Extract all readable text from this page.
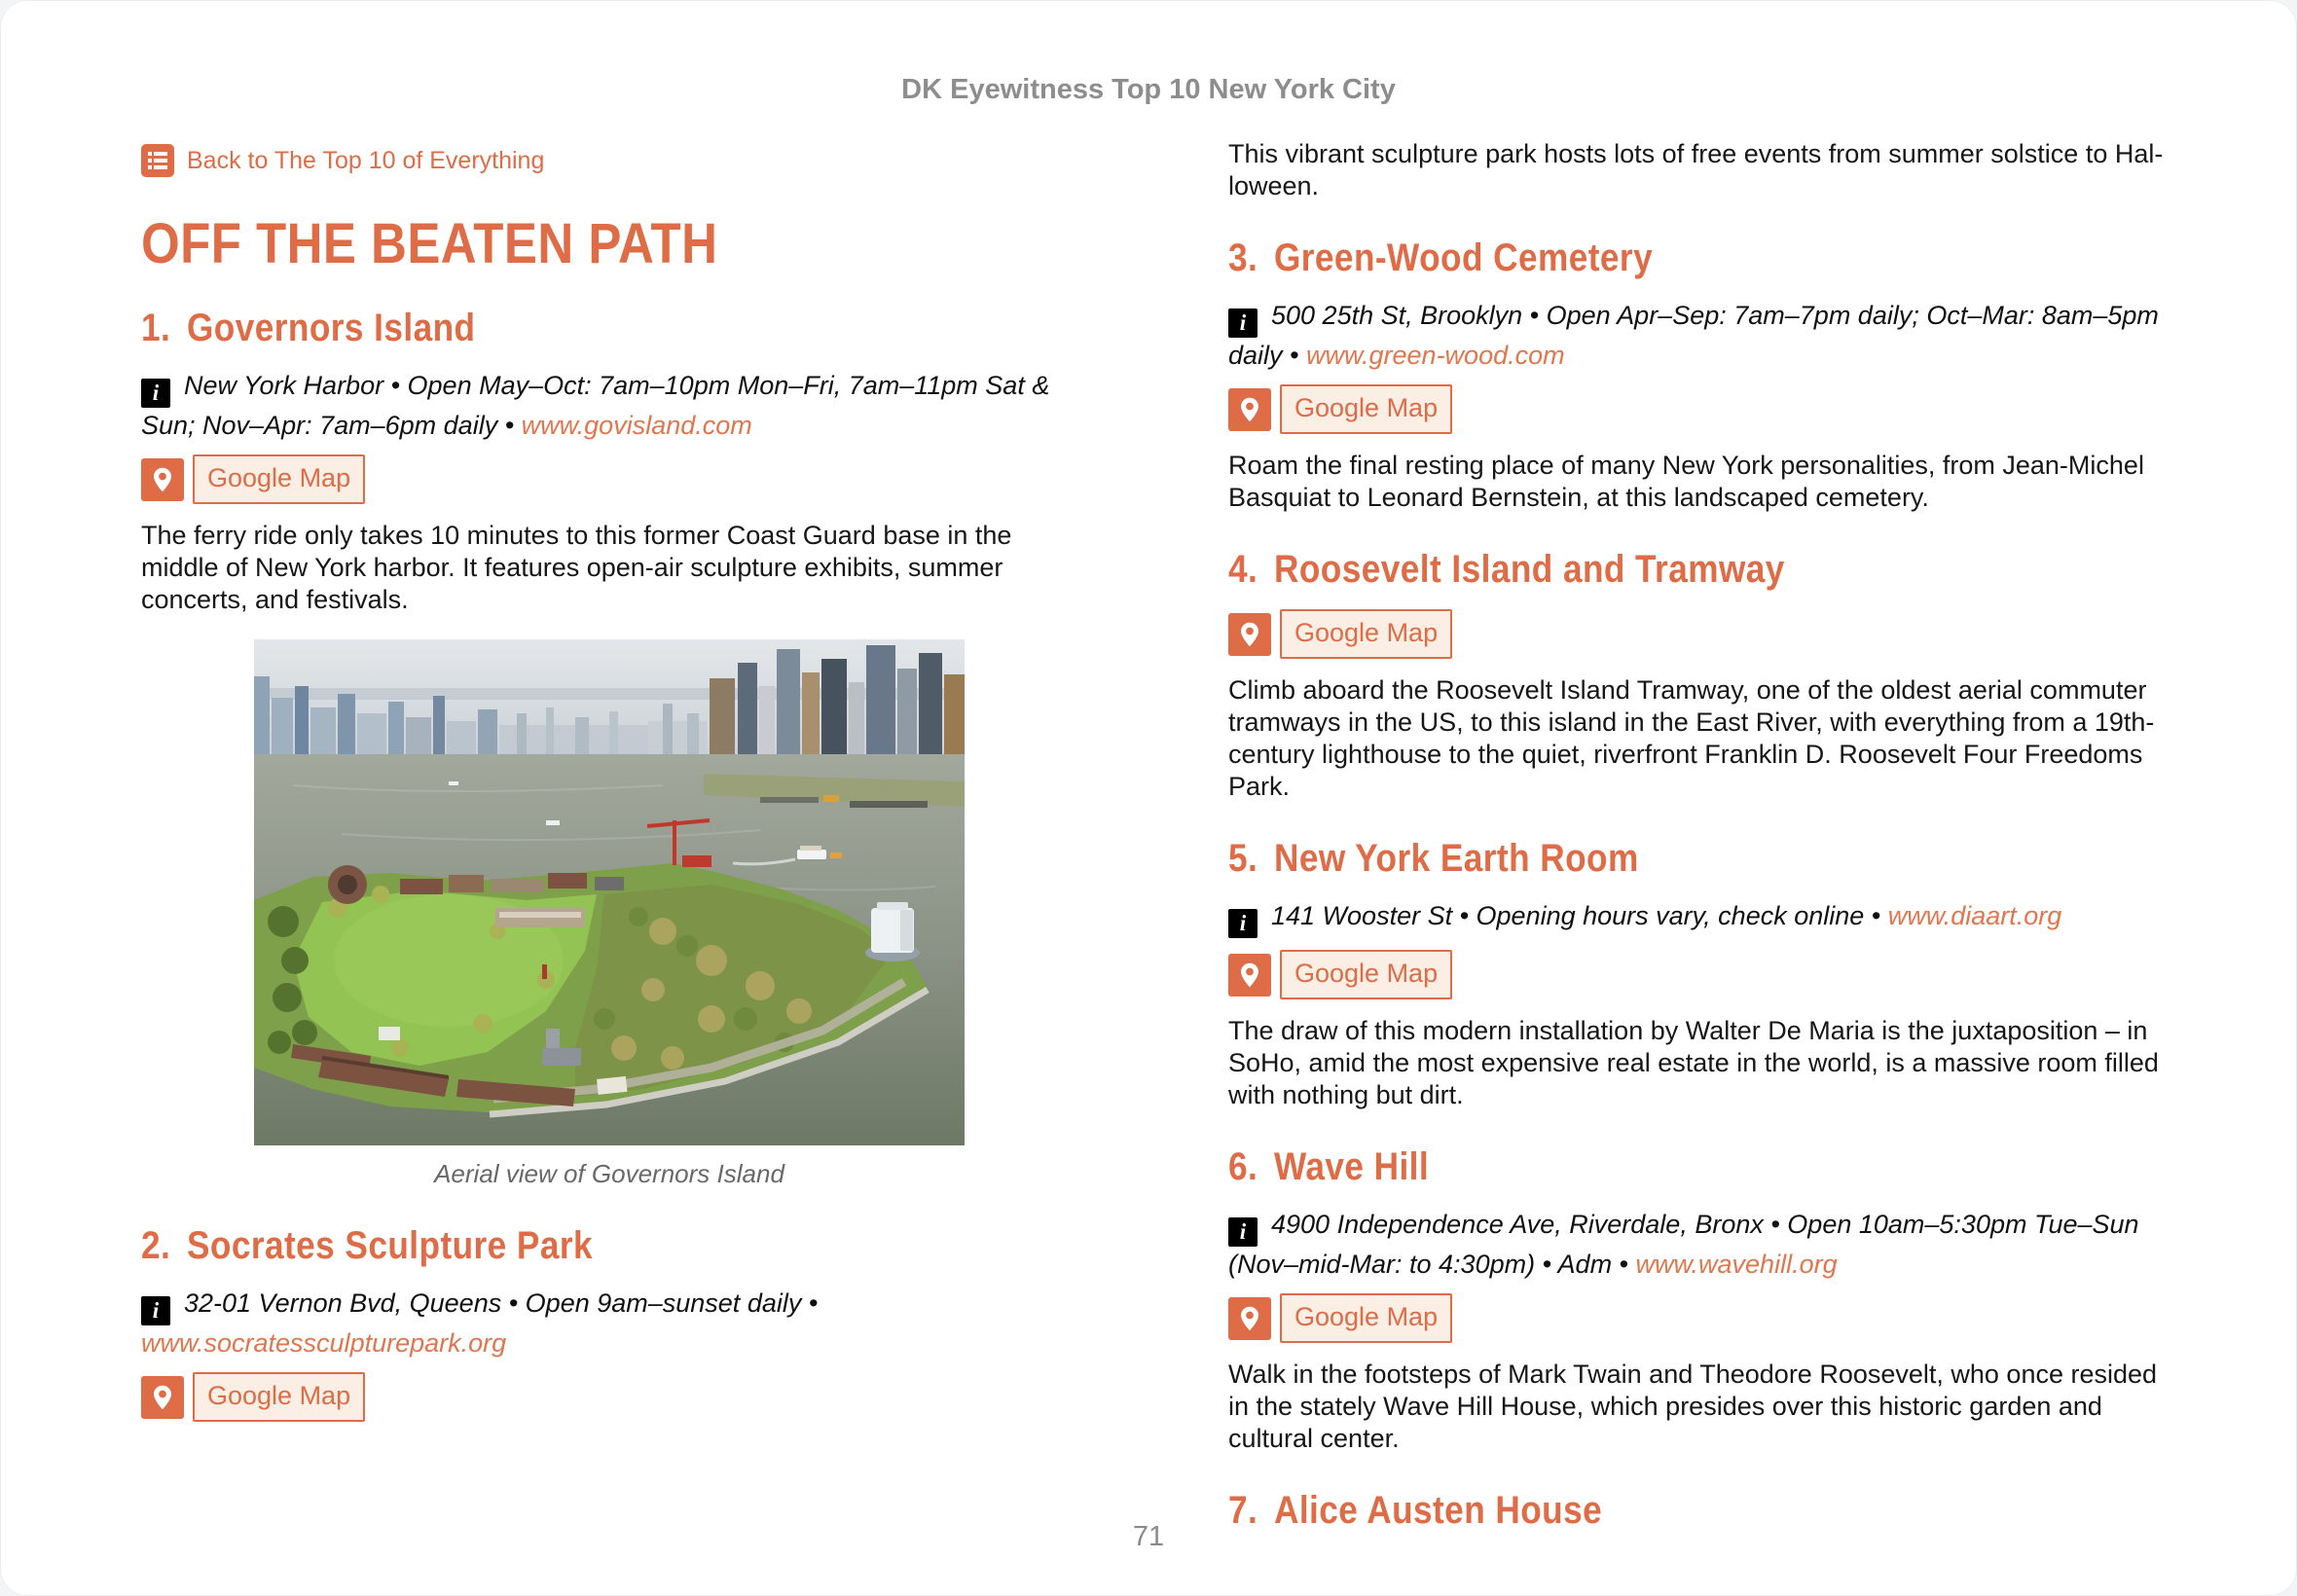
DK Eyewitness Top 10 New York City
Back to The Top 10 of Everything
OFF THE BEATEN PATH
1. Governors Island

i New York Harbor • Open May–Oct: 7am–10pm Mon–Fri, 7am–11pm Sat & Sun; Nov–Apr: 7am–6pm daily • www.govisland.com

Google Map

The ferry ride only takes 10 minutes to this former Coast Guard base in the middle of New York harbor. It features open-air sculpture exhibits, summer concerts, and festivals.

Aerial view of Governors Island
2. Socrates Sculpture Park

i 32-01 Vernon Bvd, Queens • Open 9am–sunset daily • www.socratessculpturepark.org

Google Map

This vibrant sculpture park hosts lots of free events from summer solstice to Halloween.

3. Green-Wood Cemetery

i 500 25th St, Brooklyn • Open Apr–Sep: 7am–7pm daily; Oct–Mar: 8am–5pm daily • www.green-wood.com

Google Map

Roam the final resting place of many New York personalities, from Jean-Michel Basquiat to Leonard Bernstein, at this landscaped cemetery.

4. Roosevelt Island and Tramway
Google Map

Climb aboard the Roosevelt Island Tramway, one of the oldest aerial commuter tramways in the US, to this island in the East River, with everything from a 19th-century lighthouse to the quiet, riverfront Franklin D. Roosevelt Four Freedoms Park.

5. New York Earth Room

i 141 Wooster St • Opening hours vary, check online • www.diaart.org

Google Map

The draw of this modern installation by Walter De Maria is the juxtaposition – in SoHo, amid the most expensive real estate in the world, is a massive room filled with nothing but dirt.

6. Wave Hill

i 4900 Independence Ave, Riverdale, Bronx • Open 10am–5:30pm Tue–Sun (Nov–mid-Mar: to 4:30pm) • Adm • www.wavehill.org

Google Map

Walk in the footsteps of Mark Twain and Theodore Roosevelt, who once resided in the stately Wave Hill House, which presides over this historic garden and cultural center.

7. Alice Austen House
71
